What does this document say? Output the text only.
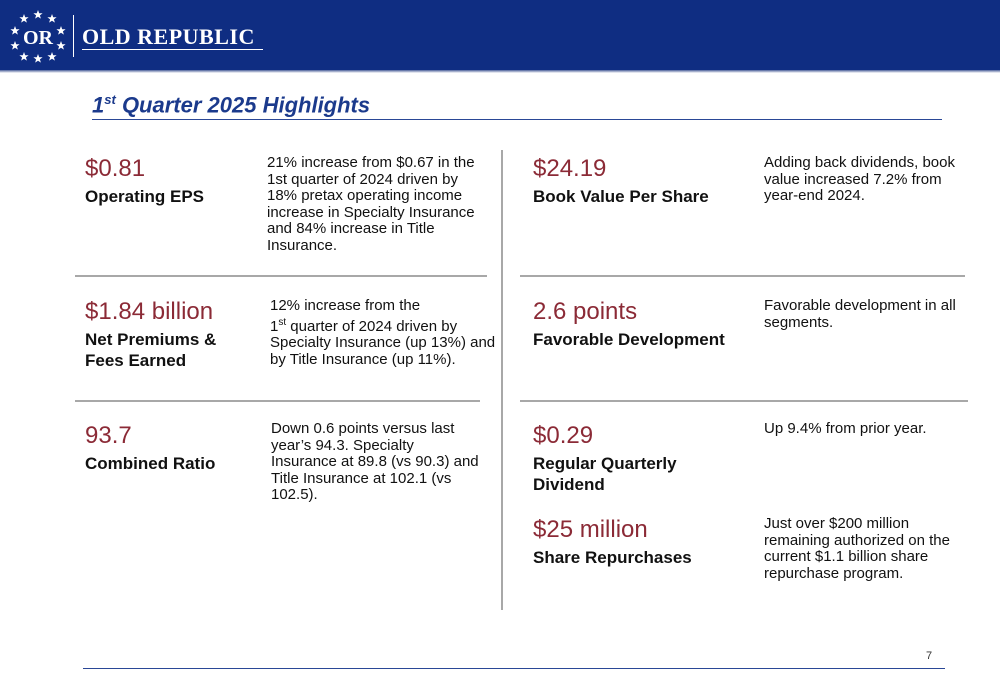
OR OLD REPUBLIC
1st Quarter 2025 Highlights
$0.81
Operating EPS
21% increase from $0.67 in the 1st quarter of 2024 driven by 18% pretax operating income increase in Specialty Insurance and 84% increase in Title Insurance.
$1.84 billion
Net Premiums & Fees Earned
12% increase from the
1st quarter of 2024 driven by Specialty Insurance (up 13%) and by Title Insurance (up 11%).
93.7
Combined Ratio
Down 0.6 points versus last year’s 94.3. Specialty Insurance at 89.8 (vs 90.3) and Title Insurance at 102.1 (vs 102.5).
$24.19
Book Value Per Share
Adding back dividends, book value increased 7.2% from year-end 2024.
2.6 points
Favorable Development
Favorable development in all segments.
$0.29
Regular Quarterly Dividend
Up 9.4% from prior year.
$25 million
Share Repurchases
Just over $200 million remaining authorized on the current $1.1 billion share repurchase program.
7
